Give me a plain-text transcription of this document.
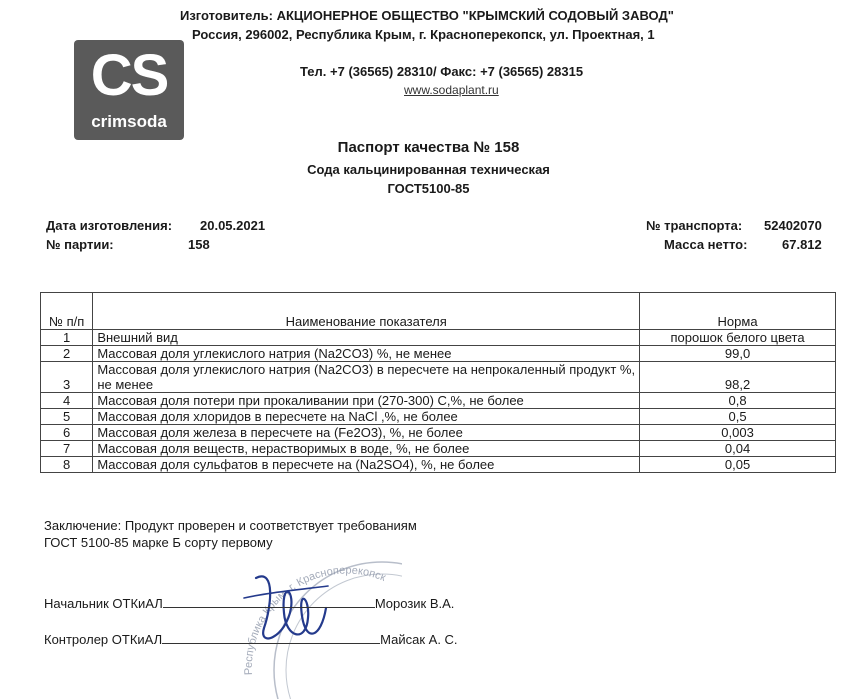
Изготовитель: АКЦИОНЕРНОЕ ОБЩЕСТВО "КРЫМСКИЙ СОДОВЫЙ ЗАВОД"
Россия, 296002, Республика Крым, г. Красноперекопск, ул. Проектная, 1
CS
crimsoda
Тел. +7 (36565) 28310/ Факс: +7 (36565) 28315
www.sodaplant.ru
Паспорт качества № 158
Сода кальцинированная техническая
ГОСТ5100-85
Дата изготовления: 20.05.2021
№ партии:	158
№ транспорта: 52402070
Масса нетто:	67.812
№ п/п	Наименование показателя	Норма
1	Внешний вид	порошок белого цвета
2	Массовая доля углекислого натрия (Na2CO3) %, не менее	99,0
3	Массовая доля углекислого натрия (Na2CO3) в пересчете на непрокаленный продукт %, не менее	98,2
4	Массовая доля потери при прокаливании при (270-300) С,%, не более	0,8
5	Массовая доля хлоридов в пересчете на NaCl ,%, не более	0,5
6	Массовая доля железа в пересчете на (Fe2O3), %, не более	0,003
7	Массовая доля веществ, нерастворимых в воде, %, не более	0,04
8	Массовая доля сульфатов в пересчете на (Na2SO4), %, не более	0,05
Заключение: Продукт проверен и соответствует требованиям
ГОСТ 5100-85 марке Б сорту первому
Республика Крым, г. Красноперекопск
Начальник ОТКиАЛ	Морозик В.А.
Контролер ОТКиАЛ	Майсак А. С.
